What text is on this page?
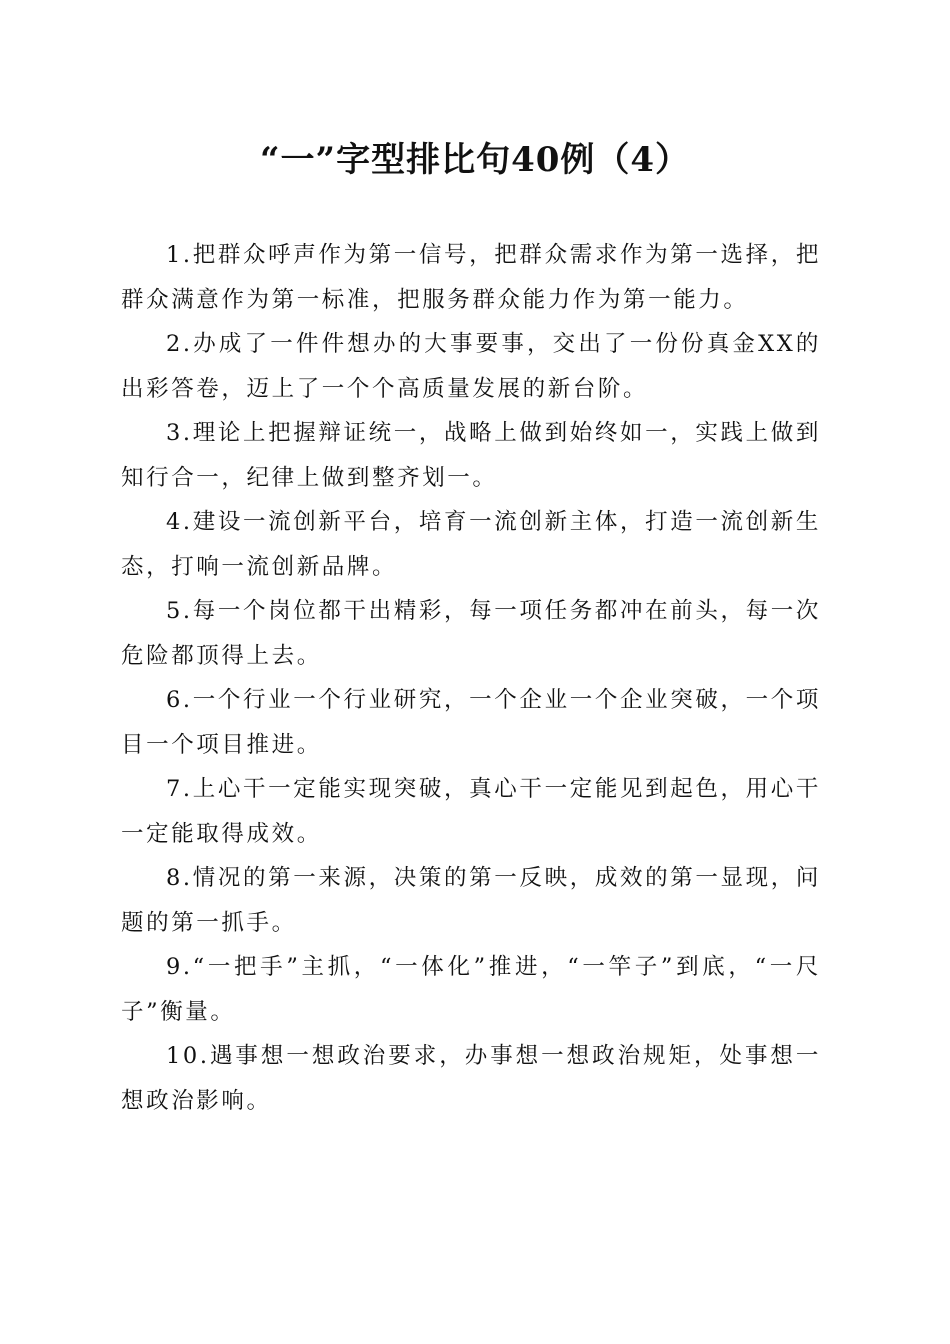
“一”字型排比句40例（4）

1.把群众呼声作为第一信号，把群众需求作为第一选择，把群众满意作为第一标准，把服务群众能力作为第一能力。

2.办成了一件件想办的大事要事，交出了一份份真金XX的出彩答卷，迈上了一个个高质量发展的新台阶。

3.理论上把握辩证统一，战略上做到始终如一，实践上做到知行合一，纪律上做到整齐划一。

4.建设一流创新平台，培育一流创新主体，打造一流创新生态，打响一流创新品牌。

5.每一个岗位都干出精彩，每一项任务都冲在前头，每一次危险都顶得上去。

6.一个行业一个行业研究，一个企业一个企业突破，一个项目一个项目推进。

7.上心干一定能实现突破，真心干一定能见到起色，用心干一定能取得成效。

8.情况的第一来源，决策的第一反映，成效的第一显现，问题的第一抓手。

9.“一把手”主抓，“一体化”推进，“一竿子”到底，“一尺子”衡量。

10.遇事想一想政治要求，办事想一想政治规矩，处事想一想政治影响。
